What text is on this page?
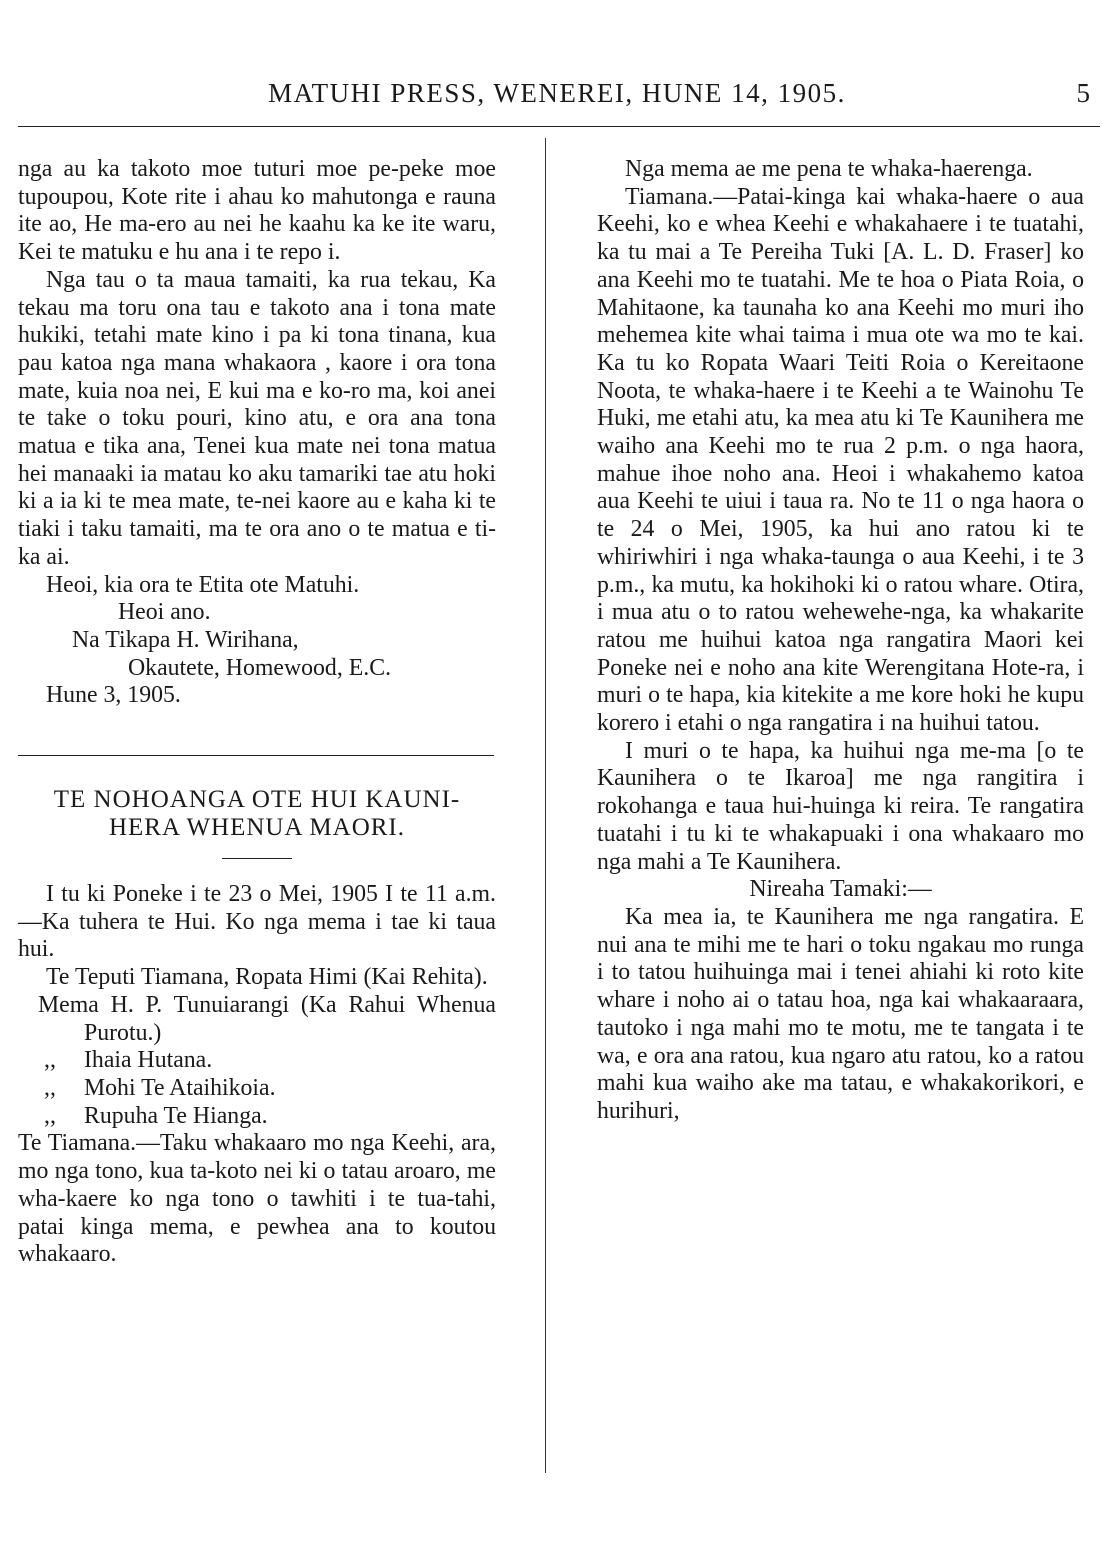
MATUHI PRESS, WENEREI, HUNE 14, 1905.	5

nga au ka takoto moe tuturi moe pe-peke moe tupoupou, Kote rite i ahau ko mahutonga e rauna ite ao, He ma-ero au nei he kaahu ka ke ite waru, Kei te matuku e hu ana i te repo i.

Nga tau o ta maua tamaiti, ka rua tekau, Ka tekau ma toru ona tau e takoto ana i tona mate hukiki, tetahi mate kino i pa ki tona tinana, kua pau katoa nga mana whakaora , kaore i ora tona mate, kuia noa nei, E kui ma e ko-ro ma, koi anei te take o toku pouri, kino atu, e ora ana tona matua e tika ana, Tenei kua mate nei tona matua hei manaaki ia matau ko aku tamariki tae atu hoki ki a ia ki te mea mate, te-nei kaore au e kaha ki te tiaki i taku tamaiti, ma te ora ano o te matua e ti-ka ai.

Heoi, kia ora te Etita ote Matuhi.

Heoi ano.

Na Tikapa H. Wirihana,

Okautete, Homewood, E.C.

Hune 3, 1905.

TE NOHOANGA OTE HUI KAUNI-

HERA WHENUA MAORI.

I tu ki Poneke i te 23 o Mei, 1905 I te 11 a.m.—Ka tuhera te Hui. Ko nga mema i tae ki taua hui.

Te Teputi Tiamana, Ropata Himi (Kai Rehita).

Mema H. P. Tunuiarangi (Ka Rahui Whenua Purotu.)

,, Ihaia Hutana.

,, Mohi Te Ataihikoia.

,, Rupuha Te Hianga.

Te Tiamana.—Taku whakaaro mo nga Keehi, ara, mo nga tono, kua ta-koto nei ki o tatau aroaro, me wha-kaere ko nga tono o tawhiti i te tua-tahi, patai kinga mema, e pewhea ana to koutou whakaaro.

Nga mema ae me pena te whaka-haerenga.

Tiamana.—Patai-kinga kai whaka-haere o aua Keehi, ko e whea Keehi e whakahaere i te tuatahi, ka tu mai a Te Pereiha Tuki [A. L. D. Fraser] ko ana Keehi mo te tuatahi. Me te hoa o Piata Roia, o Mahitaone, ka taunaha ko ana Keehi mo muri iho mehemea kite whai taima i mua ote wa mo te kai. Ka tu ko Ropata Waari Teiti Roia o Kereitaone Noota, te whaka-haere i te Keehi a te Wainohu Te Huki, me etahi atu, ka mea atu ki Te Kaunihera me waiho ana Keehi mo te rua 2 p.m. o nga haora, mahue ihoe noho ana. Heoi i whakahemo katoa aua Keehi te uiui i taua ra. No te 11 o nga haora o te 24 o Mei, 1905, ka hui ano ratou ki te whiriwhiri i nga whaka-taunga o aua Keehi, i te 3 p.m., ka mutu, ka hokihoki ki o ratou whare. Otira, i mua atu o to ratou wehewehe-nga, ka whakarite ratou me huihui katoa nga rangatira Maori kei Poneke nei e noho ana kite Werengitana Hote-ra, i muri o te hapa, kia kitekite a me kore hoki he kupu korero i etahi o nga rangatira i na huihui tatou.

I muri o te hapa, ka huihui nga me-ma [o te Kaunihera o te Ikaroa] me nga rangitira i rokohanga e taua hui-huinga ki reira. Te rangatira tuatahi i tu ki te whakapuaki i ona whakaaro mo nga mahi a Te Kaunihera.

Nireaha Tamaki:—

Ka mea ia, te Kaunihera me nga rangatira. E nui ana te mihi me te hari o toku ngakau mo runga i to tatou huihuinga mai i tenei ahiahi ki roto kite whare i noho ai o tatau hoa, nga kai whakaaraara, tautoko i nga mahi mo te motu, me te tangata i te wa, e ora ana ratou, kua ngaro atu ratou, ko a ratou mahi kua waiho ake ma tatau, e whakakorikori, e hurihuri,
